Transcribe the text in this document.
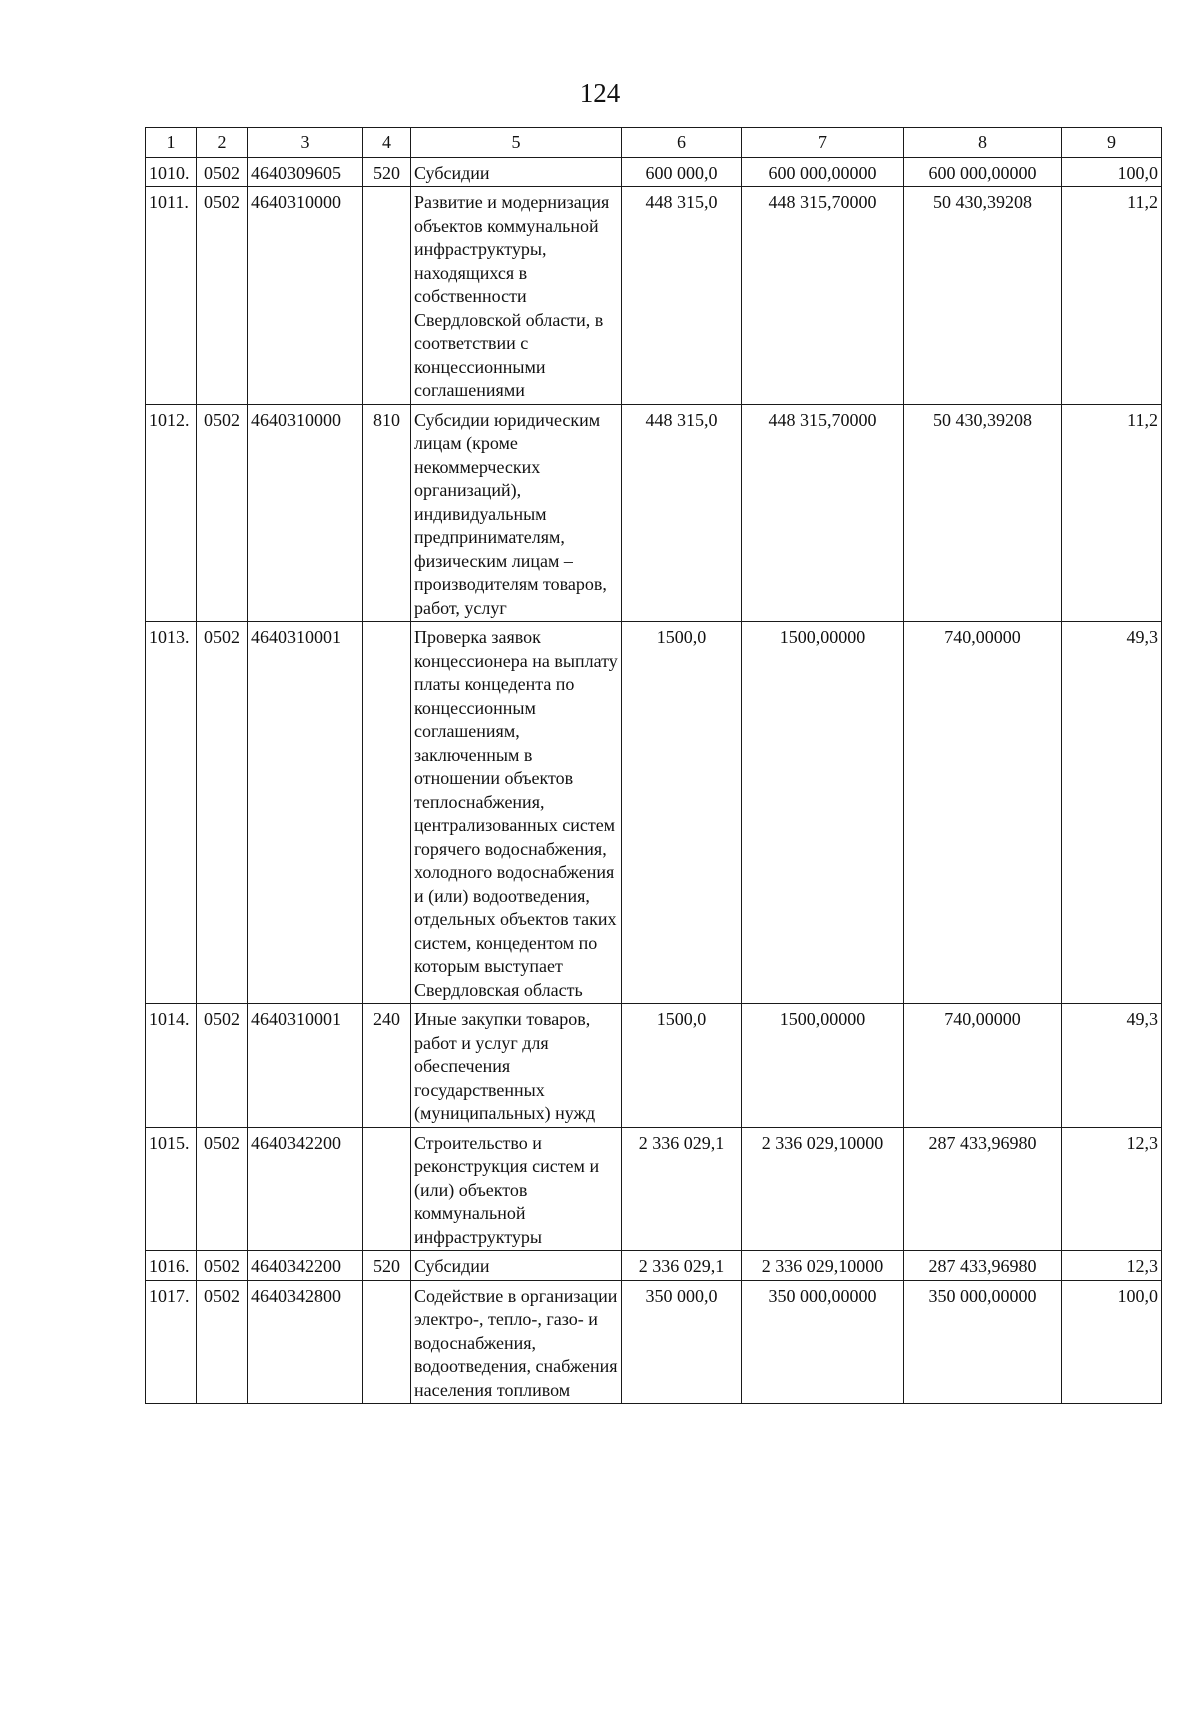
124
1	2	3	4	5	6	7	8	9
1010.	0502	4640309605	520	Субсидии	600 000,0	600 000,00000	600 000,00000	100,0
1011.	0502	4640310000		Развитие и модернизация объектов коммунальной инфраструктуры, находящихся в собственности Свердловской области, в соответствии с концессионными соглашениями	448 315,0	448 315,70000	50 430,39208	11,2
1012.	0502	4640310000	810	Субсидии юридическим лицам (кроме некоммерческих организаций), индивидуальным предпринимателям, физическим лицам – производителям товаров, работ, услуг	448 315,0	448 315,70000	50 430,39208	11,2
1013.	0502	4640310001		Проверка заявок концессионера на выплату платы концедента по концессионным соглашениям, заключенным в отношении объектов теплоснабжения, централизованных систем горячего водоснабжения, холодного водоснабжения и (или) водоотведения, отдельных объектов таких систем, концедентом по которым выступает Свердловская область	1500,0	1500,00000	740,00000	49,3
1014.	0502	4640310001	240	Иные закупки товаров, работ и услуг для обеспечения государственных (муниципальных) нужд	1500,0	1500,00000	740,00000	49,3
1015.	0502	4640342200		Строительство и реконструкция систем и (или) объектов коммунальной инфраструктуры	2 336 029,1	2 336 029,10000	287 433,96980	12,3
1016.	0502	4640342200	520	Субсидии	2 336 029,1	2 336 029,10000	287 433,96980	12,3
1017.	0502	4640342800		Содействие в организации электро-, тепло-, газо- и водоснабжения, водоотведения, снабжения населения топливом	350 000,0	350 000,00000	350 000,00000	100,0
